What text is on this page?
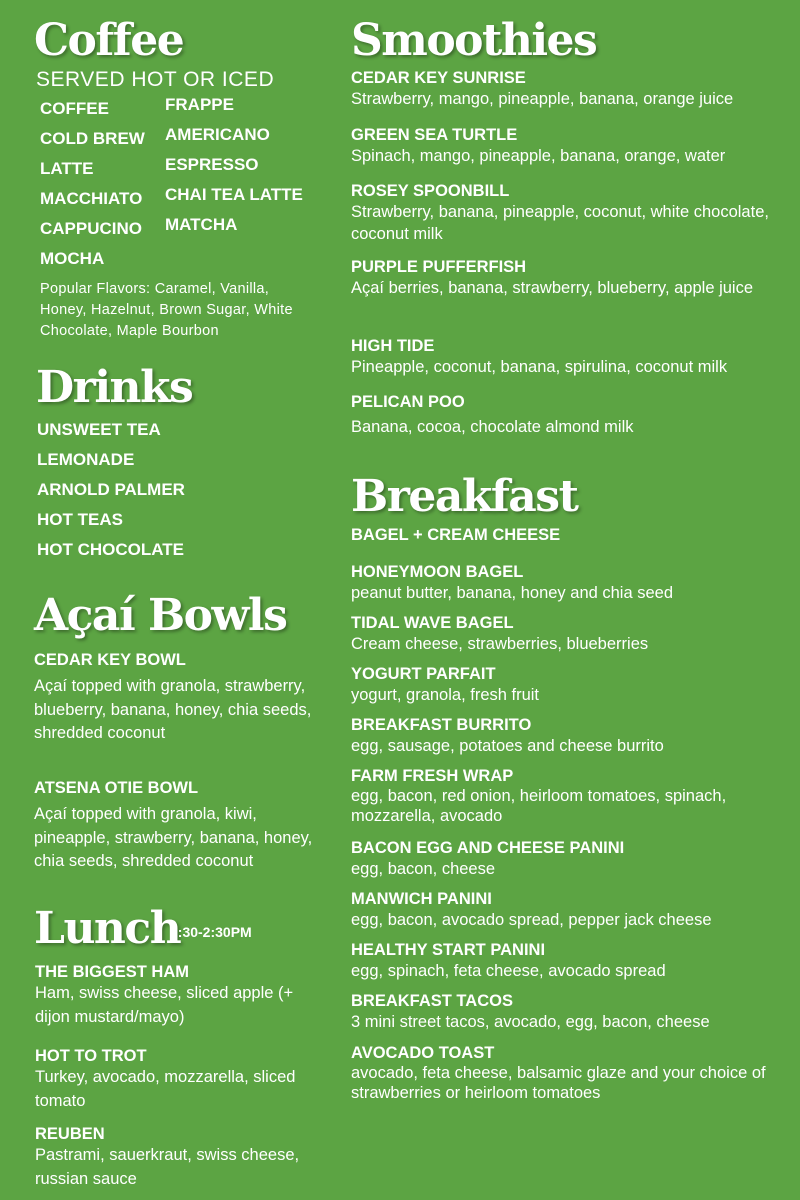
Coffee
SERVED HOT OR ICED
COFFEE
COLD BREW
LATTE
MACCHIATO
CAPPUCINO
MOCHA
FRAPPE
AMERICANO
ESPRESSO
CHAI TEA LATTE
MATCHA
Popular Flavors: Caramel, Vanilla, Honey, Hazelnut, Brown Sugar, White Chocolate, Maple Bourbon
Drinks
UNSWEET TEA
LEMONADE
ARNOLD PALMER
HOT TEAS
HOT CHOCOLATE
Açaí Bowls
CEDAR KEY BOWL
Açaí topped with granola, strawberry, blueberry, banana, honey, chia seeds, shredded coconut
ATSENA OTIE BOWL
Açaí topped with granola, kiwi, pineapple, strawberry, banana, honey, chia seeds, shredded coconut
Lunch
7:30-2:30PM
THE BIGGEST HAM
Ham, swiss cheese, sliced apple (+ dijon mustard/mayo)
HOT TO TROT
Turkey, avocado, mozzarella, sliced tomato
REUBEN
Pastrami, sauerkraut, swiss cheese, russian sauce
Smoothies
CEDAR KEY SUNRISE
Strawberry, mango, pineapple, banana, orange juice
GREEN SEA TURTLE
Spinach, mango, pineapple, banana, orange, water
ROSEY SPOONBILL
Strawberry, banana, pineapple, coconut, white chocolate, coconut milk
PURPLE PUFFERFISH
Açaí berries, banana, strawberry, blueberry, apple juice
HIGH TIDE
Pineapple, coconut, banana, spirulina, coconut milk
PELICAN POO
Banana, cocoa, chocolate almond milk
Breakfast
BAGEL + CREAM CHEESE
HONEYMOON BAGEL
peanut butter, banana, honey and chia seed
TIDAL WAVE BAGEL
Cream cheese, strawberries, blueberries
YOGURT PARFAIT
yogurt, granola, fresh fruit
BREAKFAST BURRITO
egg, sausage, potatoes and cheese burrito
FARM FRESH WRAP
egg, bacon, red onion, heirloom tomatoes, spinach, mozzarella, avocado
BACON EGG AND CHEESE PANINI
egg, bacon, cheese
MANWICH PANINI
egg, bacon, avocado spread, pepper jack cheese
HEALTHY START PANINI
egg, spinach, feta cheese, avocado spread
BREAKFAST TACOS
3 mini street tacos, avocado, egg, bacon, cheese
AVOCADO TOAST
avocado, feta cheese, balsamic glaze and your choice of strawberries or heirloom tomatoes
